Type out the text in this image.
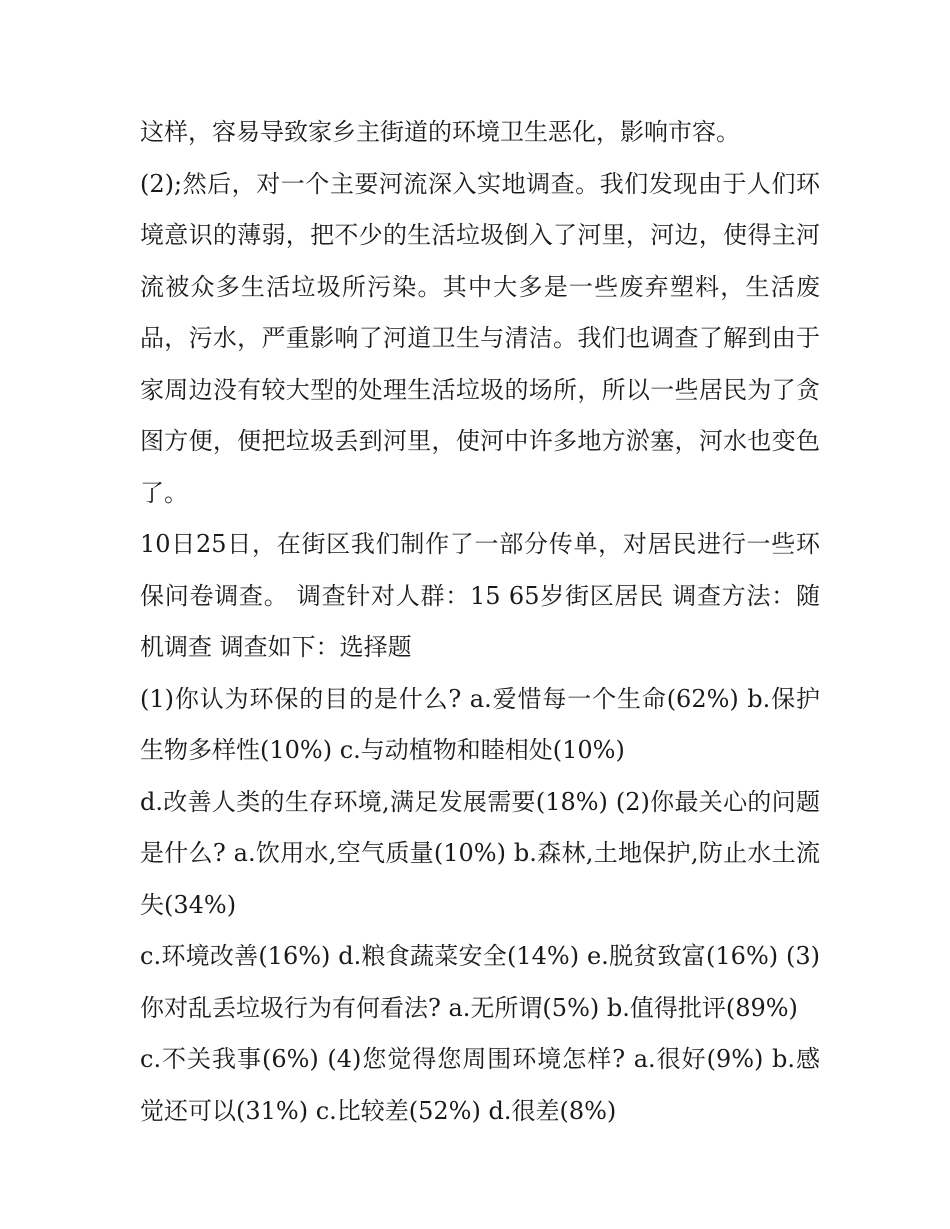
这样，容易导致家乡主街道的环境卫生恶化，影响市容。

(2);然后，对一个主要河流深入实地调查。我们发现由于人们环境意识的薄弱，把不少的生活垃圾倒入了河里，河边，使得主河流被众多生活垃圾所污染。其中大多是一些废弃塑料，生活废品，污水，严重影响了河道卫生与清洁。我们也调查了解到由于家周边没有较大型的处理生活垃圾的场所，所以一些居民为了贪图方便，便把垃圾丢到河里，使河中许多地方淤塞，河水也变色了。

10日25日，在街区我们制作了一部分传单，对居民进行一些环保问卷调查。 调查针对人群：15 65岁街区居民 调查方法：随机调查 调查如下：选择题

(1)你认为环保的目的是什么? a.爱惜每一个生命(62%) b.保护生物多样性(10%) c.与动植物和睦相处(10%)

d.改善人类的生存环境,满足发展需要(18%) (2)你最关心的问题是什么? a.饮用水,空气质量(10%) b.森林,土地保护,防止水土流失(34%)

c.环境改善(16%) d.粮食蔬菜安全(14%) e.脱贫致富(16%) (3)你对乱丢垃圾行为有何看法? a.无所谓(5%) b.值得批评(89%)

c.不关我事(6%) (4)您觉得您周围环境怎样? a.很好(9%) b.感觉还可以(31%) c.比较差(52%) d.很差(8%)
